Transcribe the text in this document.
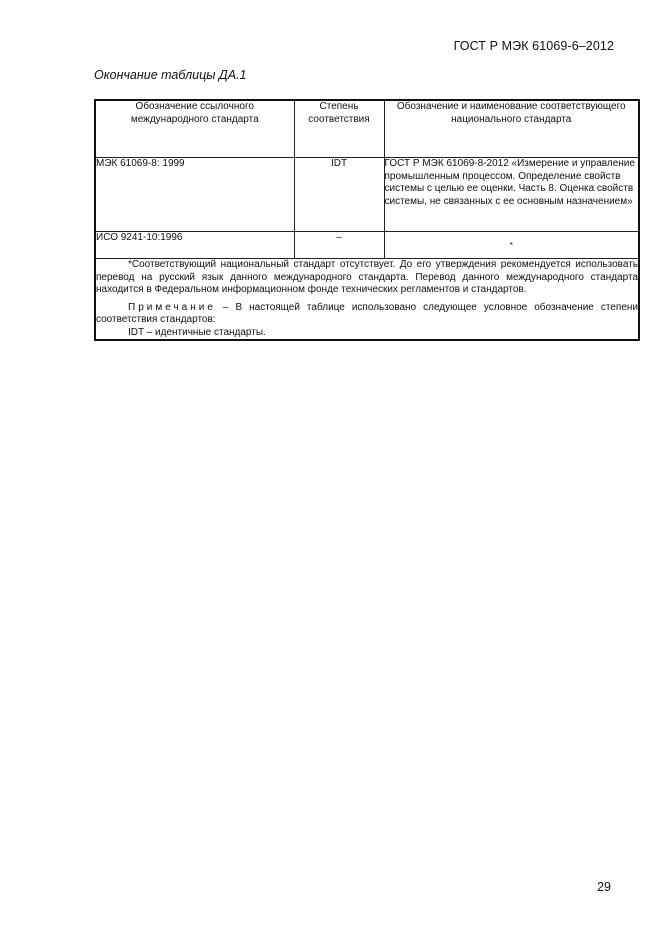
ГОСТ Р МЭК 61069-6–2012
Окончание таблицы ДА.1
Обозначение ссылочного международного стандарта	Степень соответствия	Обозначение и наименование соответствующего национального стандарта
МЭК 61069-8: 1999	IDT	ГОСТ Р МЭК 61069-8-2012 «Измерение и управление промышленным процессом. Определение свойств системы с целью ее оценки. Часть 8. Оценка свойств системы, не связанных с ее основным назначением»
ИСО 9241-10:1996	–	*

*Соответствующий национальный стандарт отсутствует. До его утверждения рекомендуется использовать перевод на русский язык данного международного стандарта. Перевод данного международного стандарта находится в Федеральном информационном фонде технических регламентов и стандартов.

Примечание – В настоящей таблице использовано следующее условное обозначение степени соответствия стандартов:

IDT – идентичные стандарты.		

29
